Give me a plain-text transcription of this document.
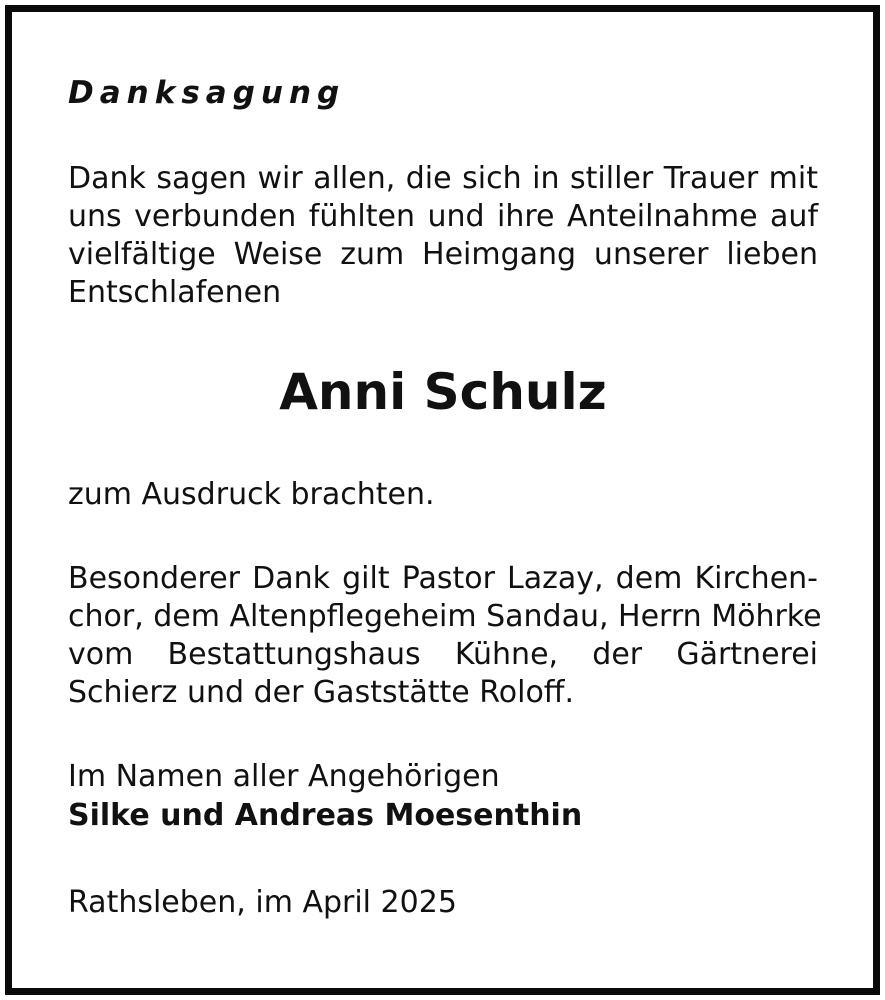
Danksagung
Dank sagen wir allen, die sich in stiller Trauer mit
uns verbunden fühlten und ihre Anteilnahme auf
vielfältige Weise zum Heimgang unserer lieben
Entschlafenen
Anni Schulz
zum Ausdruck brachten.
Besonderer Dank gilt Pastor Lazay, dem Kirchen-
chor, dem Altenpflegeheim Sandau, Herrn Möhrke
vom Bestattungshaus Kühne, der Gärtnerei
Schierz und der Gaststätte Roloff.
Im Namen aller Angehörigen
Silke und Andreas Moesenthin
Rathsleben, im April 2025
